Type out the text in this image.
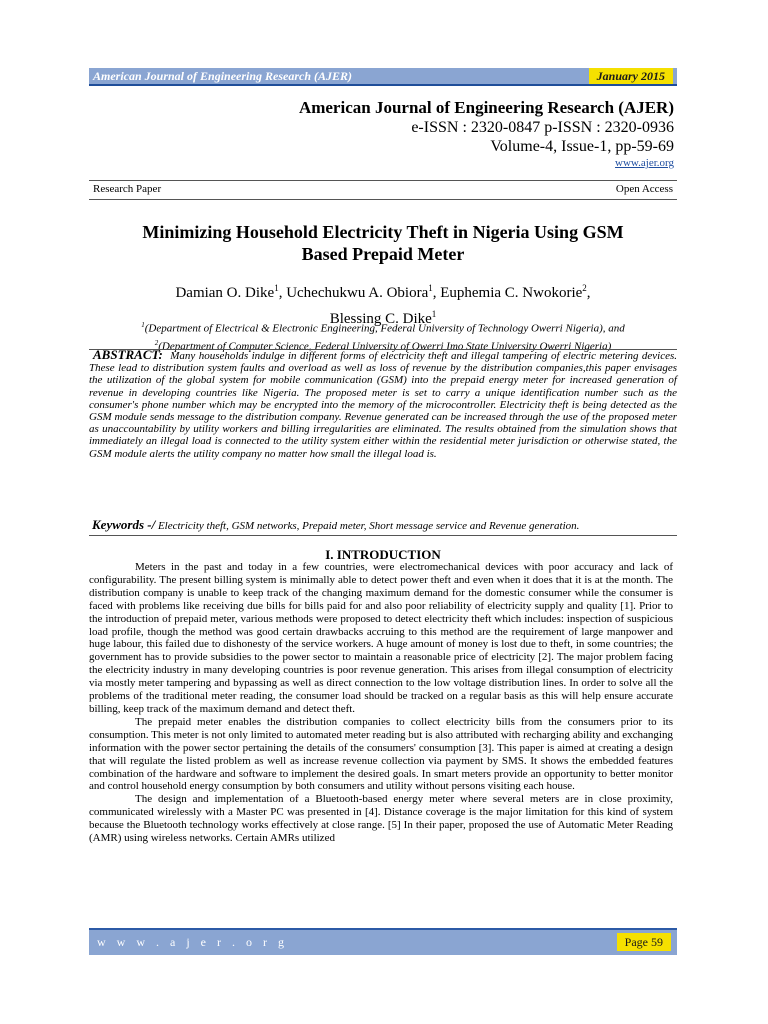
American Journal of Engineering Research (AJER)	January 2015
American Journal of Engineering Research (AJER)
e-ISSN : 2320-0847 p-ISSN : 2320-0936
Volume-4, Issue-1, pp-59-69
www.ajer.org
Research Paper	Open Access
Minimizing Household Electricity Theft in Nigeria Using GSM
Based Prepaid Meter
Damian O. Dike$^1$, Uchechukwu A. Obiora$^1$, Euphemia C. Nwokorie$^2$,
Blessing C. Dike$^1$
$^1$(Department of Electrical & Electronic Engineering, Federal University of Technology Owerri Nigeria), and
$^2$(Department of Computer Science, Federal University of Owerri Imo State University Owerri Nigeria)
ABSTRACT: Many households indulge in different forms of electricity theft and illegal tampering of electric metering devices. These lead to distribution system faults and overload as well as loss of revenue by the distribution companies,this paper envisages the utilization of the global system for mobile communication (GSM) into the prepaid energy meter for increased generation of revenue in developing countries like Nigeria. The proposed meter is set to carry a unique identification number such as the consumer's phone number which may be encrypted into the memory of the microcontroller. Electricity theft is being detected as the GSM module sends message to the distribution company. Revenue generated can be increased through the use of the proposed meter as unaccountability by utility workers and billing irregularities are eliminated. The results obtained from the simulation shows that immediately an illegal load is connected to the utility system either within the residential meter jurisdiction or otherwise stated, the GSM module alerts the utility company no matter how small the illegal load is.
Keywords -/ Electricity theft, GSM networks, Prepaid meter, Short message service and Revenue generation.
I. INTRODUCTION

Meters in the past and today in a few countries, were electromechanical devices with poor accuracy and lack of configurability. The present billing system is minimally able to detect power theft and even when it does that it is at the month. The distribution company is unable to keep track of the changing maximum demand for the domestic consumer while the consumer is faced with problems like receiving due bills for bills paid for and also poor reliability of electricity supply and quality [1]. Prior to the introduction of prepaid meter, various methods were proposed to detect electricity theft which includes: inspection of suspicious load profile, though the method was good certain drawbacks accruing to this method are the requirement of large manpower and huge labour, this failed due to dishonesty of the service workers. A huge amount of money is lost due to theft, in some countries; the government has to provide subsidies to the power sector to maintain a reasonable price of electricity [2]. The major problem facing the electricity industry in many developing countries is poor revenue generation. This arises from illegal consumption of electricity via mostly meter tampering and bypassing as well as direct connection to the low voltage distribution lines. In order to solve all the problems of the traditional meter reading, the consumer load should be tracked on a regular basis as this will help ensure accurate billing, keep track of the maximum demand and detect theft.

The prepaid meter enables the distribution companies to collect electricity bills from the consumers prior to its consumption. This meter is not only limited to automated meter reading but is also attributed with recharging ability and exchanging information with the power sector pertaining the details of the consumers' consumption [3]. This paper is aimed at creating a design that will regulate the listed problem as well as increase revenue collection via payment by SMS. It shows the embedded features combination of the hardware and software to implement the desired goals. In smart meters provide an opportunity to better monitor and control household energy consumption by both consumers and utility without persons visiting each house.

The design and implementation of a Bluetooth-based energy meter where several meters are in close proximity, communicated wirelessly with a Master PC was presented in [4]. Distance coverage is the major limitation for this kind of system because the Bluetooth technology works effectively at close range. [5] In their paper, proposed the use of Automatic Meter Reading (AMR) using wireless networks. Certain AMRs utilized

w w w . a j e r . o r g	Page 59
